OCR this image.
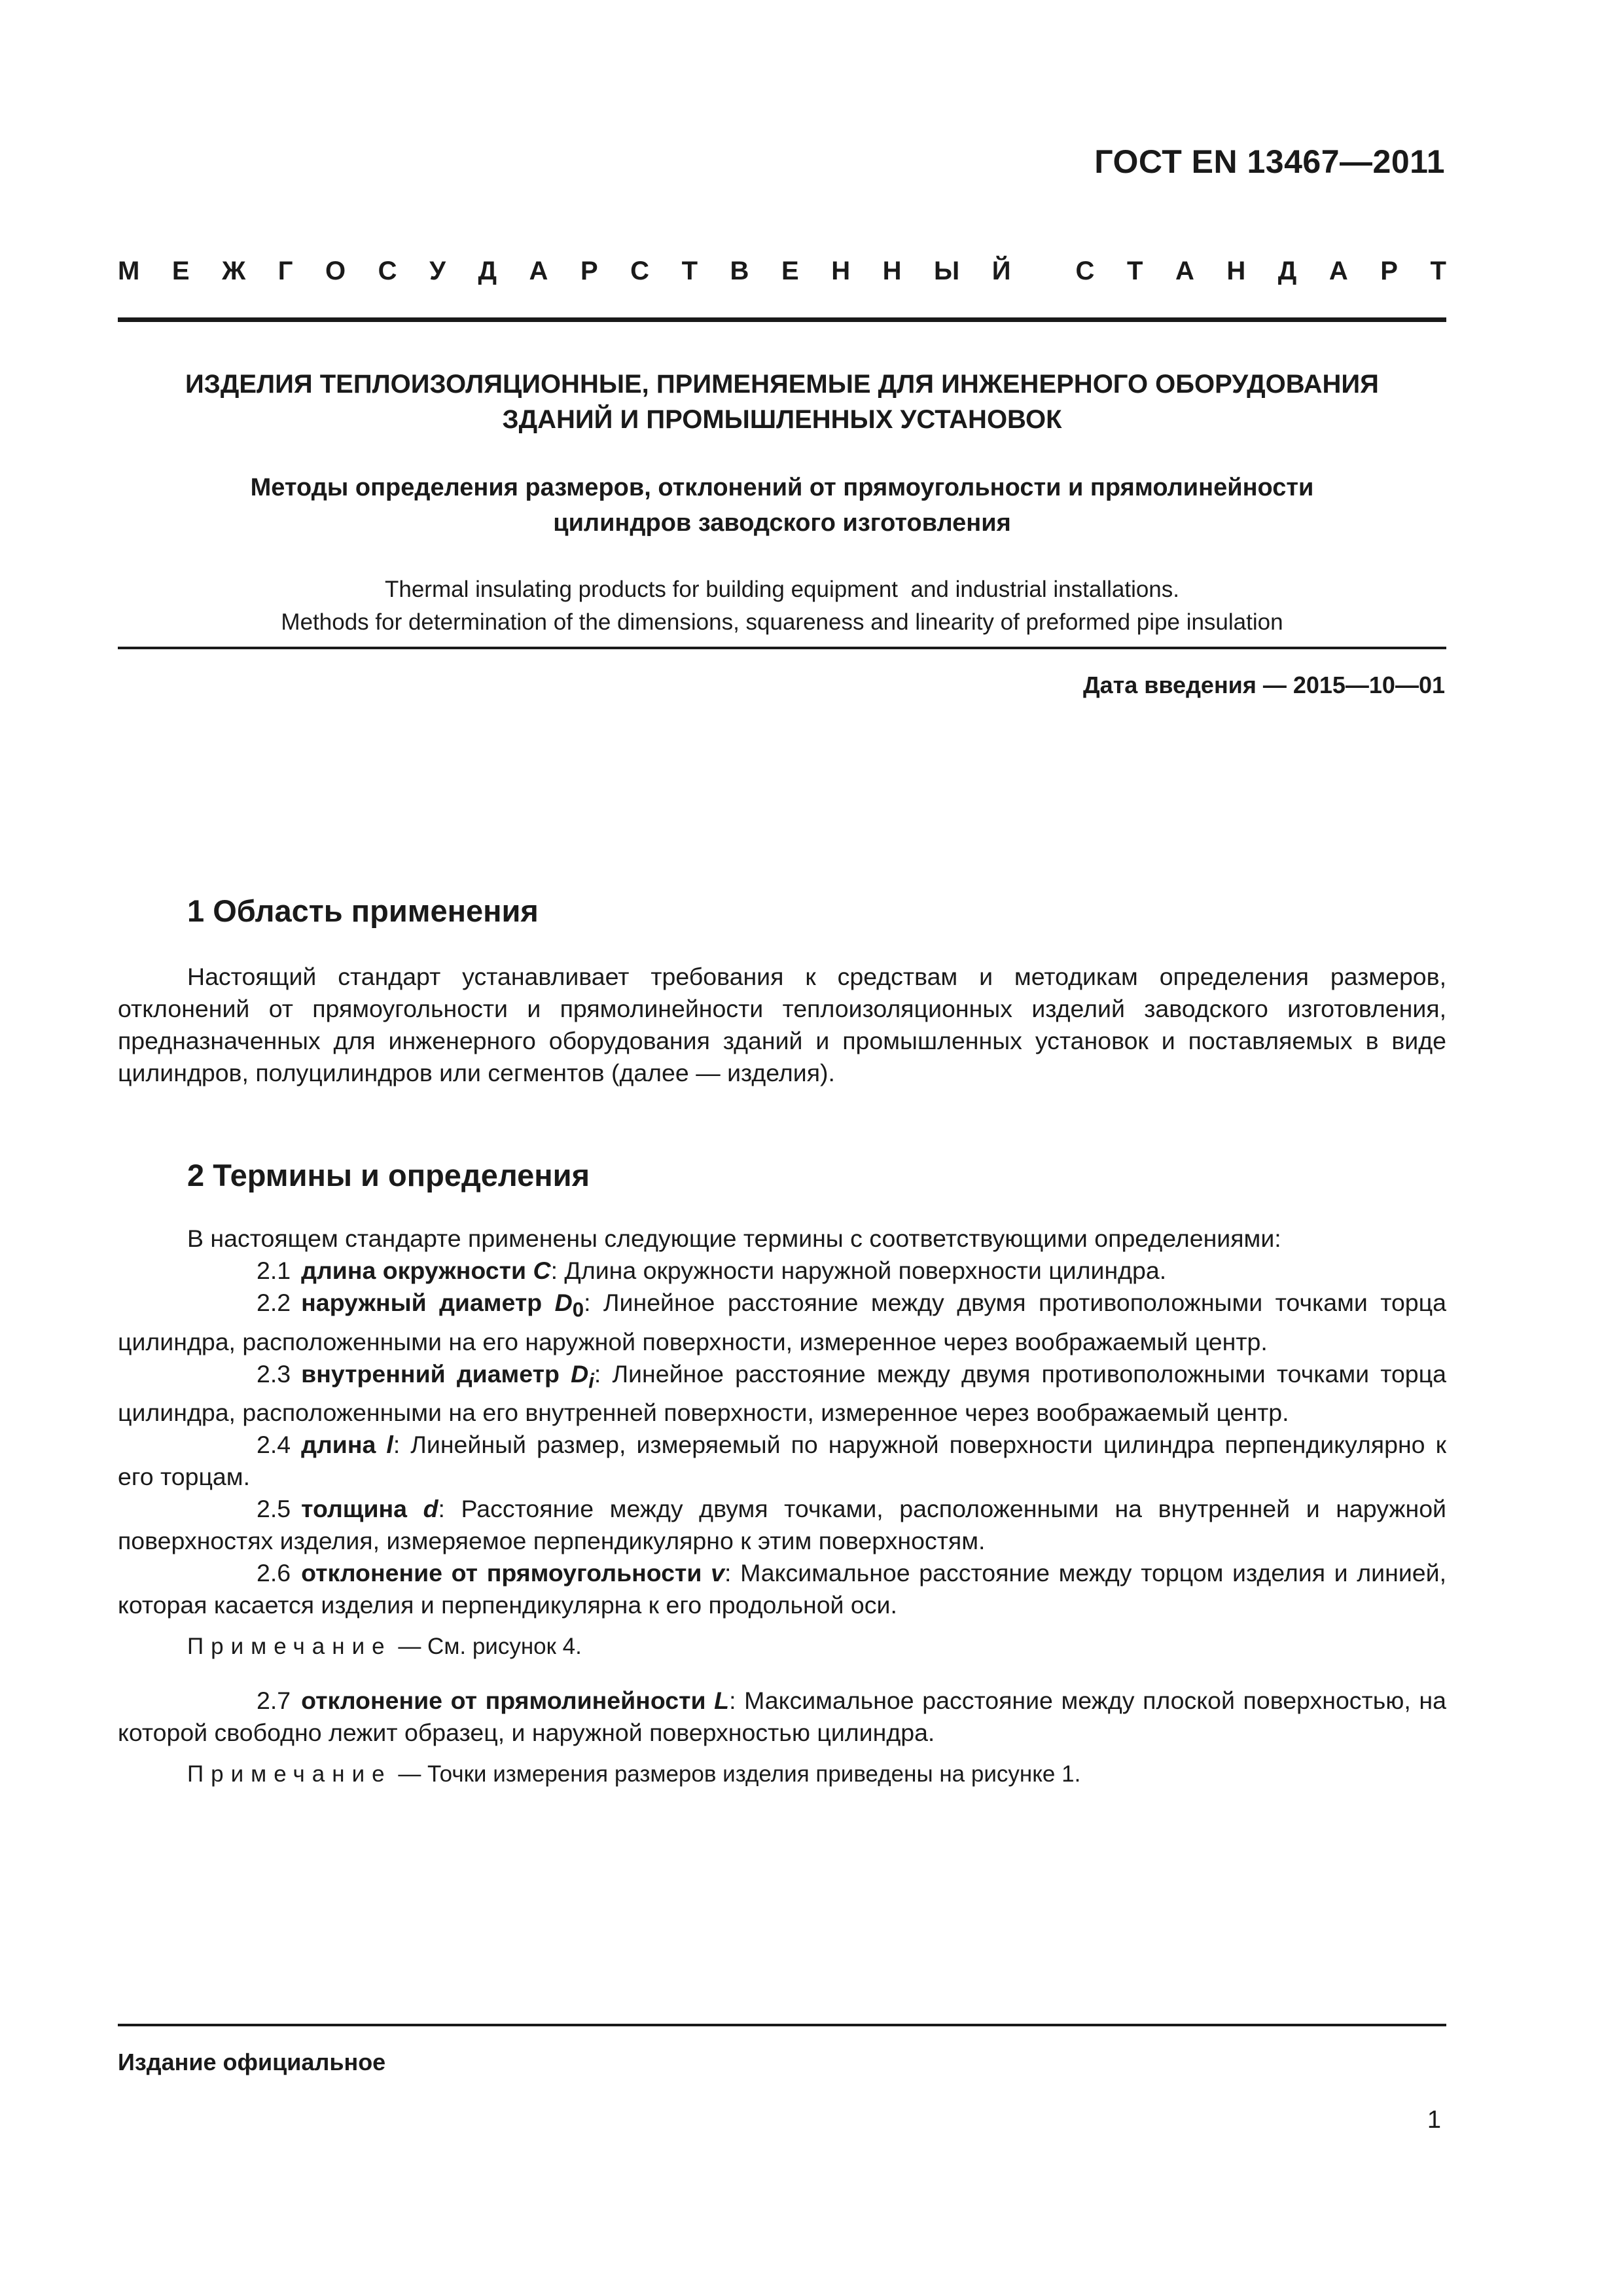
ГОСТ EN 13467—2011
М Е Ж Г О С У Д А Р С Т В Е Н Н Ы Й С Т А Н Д А Р Т
ИЗДЕЛИЯ ТЕПЛОИЗОЛЯЦИОННЫЕ, ПРИМЕНЯЕМЫЕ ДЛЯ ИНЖЕНЕРНОГО ОБОРУДОВАНИЯ
ЗДАНИЙ И ПРОМЫШЛЕННЫХ УСТАНОВОК
Методы определения размеров, отклонений от прямоугольности и прямолинейности
цилиндров заводского изготовления
Thermal insulating products for building equipment  and industrial installations.
Methods for determination of the dimensions, squareness and linearity of preformed pipe insulation
Дата введения — 2015—10—01
1 Область применения

Настоящий стандарт устанавливает требования к средствам и методикам определения размеров, отклонений от прямоугольности и прямолинейности теплоизоляционных изделий заводского изготовления, предназначенных для инженерного оборудования зданий и промышленных установок и поставляемых в виде цилиндров, полуцилиндров или сегментов (далее — изделия).

2 Термины и определения

В настоящем стандарте применены следующие термины с соответствующими определениями:

2.1 длина окружности C: Длина окружности наружной поверхности цилиндра.

2.2 наружный диаметр $D_0$: Линейное расстояние между двумя противоположными точками торца цилиндра, расположенными на его наружной поверхности, измеренное через воображаемый центр.

2.3 внутренний диаметр $D_i$: Линейное расстояние между двумя противоположными точками торца цилиндра, расположенными на его внутренней поверхности, измеренное через воображаемый центр.

2.4 длина l: Линейный размер, измеряемый по наружной поверхности цилиндра перпендикулярно к его торцам.

2.5 толщина d: Расстояние между двумя точками, расположенными на внутренней и наружной поверхностях изделия, измеряемое перпендикулярно к этим поверхностям.

2.6 отклонение от прямоугольности v: Максимальное расстояние между торцом изделия и линией, которая касается изделия и перпендикулярна к его продольной оси.

Примечание — См. рисунок 4.

2.7 отклонение от прямолинейности L: Максимальное расстояние между плоской поверхностью, на которой свободно лежит образец, и наружной поверхностью цилиндра.

Примечание — Точки измерения размеров изделия приведены на рисунке 1.

Издание официальное
1
